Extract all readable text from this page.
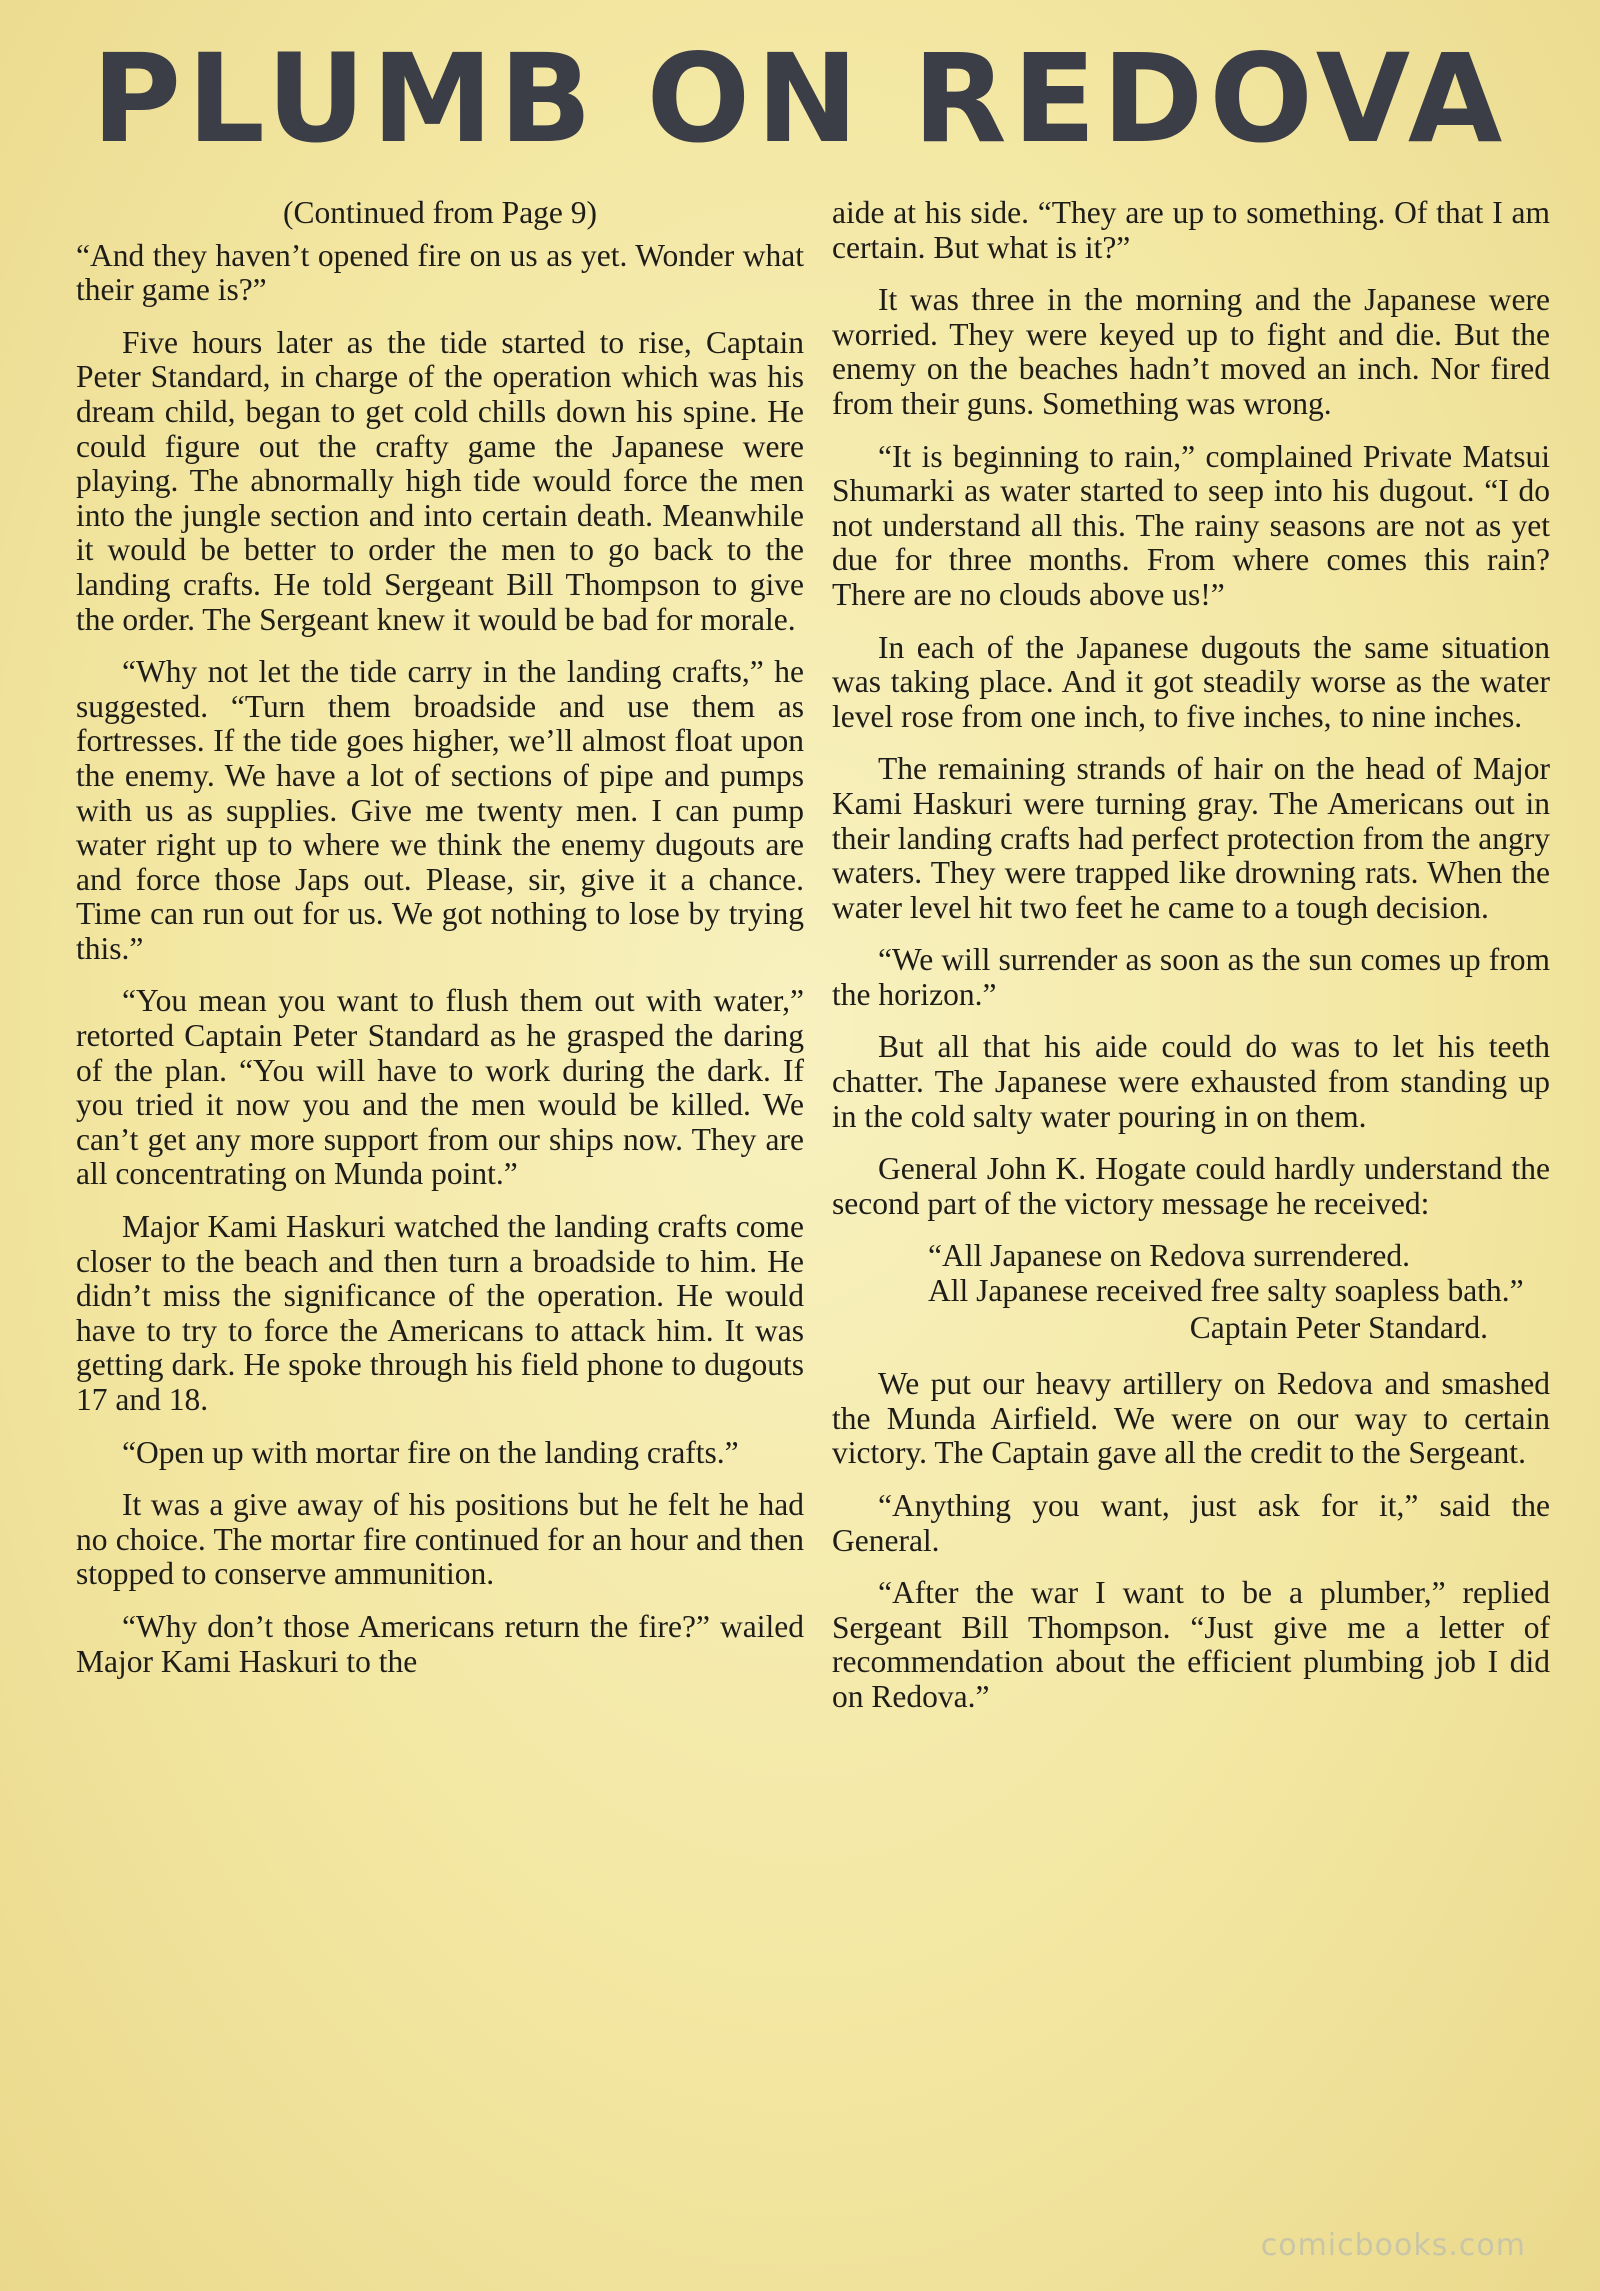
PLUMB ON REDOVA

(Continued from Page 9)

“And they haven’t opened fire on us as yet. Wonder what their game is?”

Five hours later as the tide started to rise, Captain Peter Standard, in charge of the operation which was his dream child, began to get cold chills down his spine. He could figure out the crafty game the Japanese were playing. The abnormally high tide would force the men into the jungle section and into certain death. Meanwhile it would be better to order the men to go back to the landing crafts. He told Sergeant Bill Thompson to give the order. The Sergeant knew it would be bad for morale.

“Why not let the tide carry in the landing crafts,” he suggested. “Turn them broadside and use them as fortresses. If the tide goes higher, we’ll almost float upon the enemy. We have a lot of sections of pipe and pumps with us as supplies. Give me twenty men. I can pump water right up to where we think the enemy dugouts are and force those Japs out. Please, sir, give it a chance. Time can run out for us. We got nothing to lose by trying this.”

“You mean you want to flush them out with water,” retorted Captain Peter Standard as he grasped the daring of the plan. “You will have to work during the dark. If you tried it now you and the men would be killed. We can’t get any more support from our ships now. They are all concentrating on Munda point.”

Major Kami Haskuri watched the landing crafts come closer to the beach and then turn a broadside to him. He didn’t miss the significance of the operation. He would have to try to force the Americans to attack him. It was getting dark. He spoke through his field phone to dugouts 17 and 18.

“Open up with mortar fire on the landing crafts.”

It was a give away of his positions but he felt he had no choice. The mortar fire continued for an hour and then stopped to conserve ammunition.

“Why don’t those Americans return the fire?” wailed Major Kami Haskuri to the

aide at his side. “They are up to something. Of that I am certain. But what is it?”

It was three in the morning and the Japanese were worried. They were keyed up to fight and die. But the enemy on the beaches hadn’t moved an inch. Nor fired from their guns. Something was wrong.

“It is beginning to rain,” complained Private Matsui Shumarki as water started to seep into his dugout. “I do not understand all this. The rainy seasons are not as yet due for three months. From where comes this rain? There are no clouds above us!”

In each of the Japanese dugouts the same situation was taking place. And it got steadily worse as the water level rose from one inch, to five inches, to nine inches.

The remaining strands of hair on the head of Major Kami Haskuri were turning gray. The Americans out in their landing crafts had perfect protection from the angry waters. They were trapped like drowning rats. When the water level hit two feet he came to a tough decision.

“We will surrender as soon as the sun comes up from the horizon.”

But all that his aide could do was to let his teeth chatter. The Japanese were exhausted from standing up in the cold salty water pouring in on them.

General John K. Hogate could hardly understand the second part of the victory message he received:

“All Japanese on Redova surrendered.

All Japanese received free salty soapless bath.”

Captain Peter Standard.

We put our heavy artillery on Redova and smashed the Munda Airfield. We were on our way to certain victory. The Captain gave all the credit to the Sergeant.

“Anything you want, just ask for it,” said the General.

“After the war I want to be a plumber,” replied Sergeant Bill Thompson. “Just give me a letter of recommendation about the efficient plumbing job I did on Redova.”

comicbooks.com
